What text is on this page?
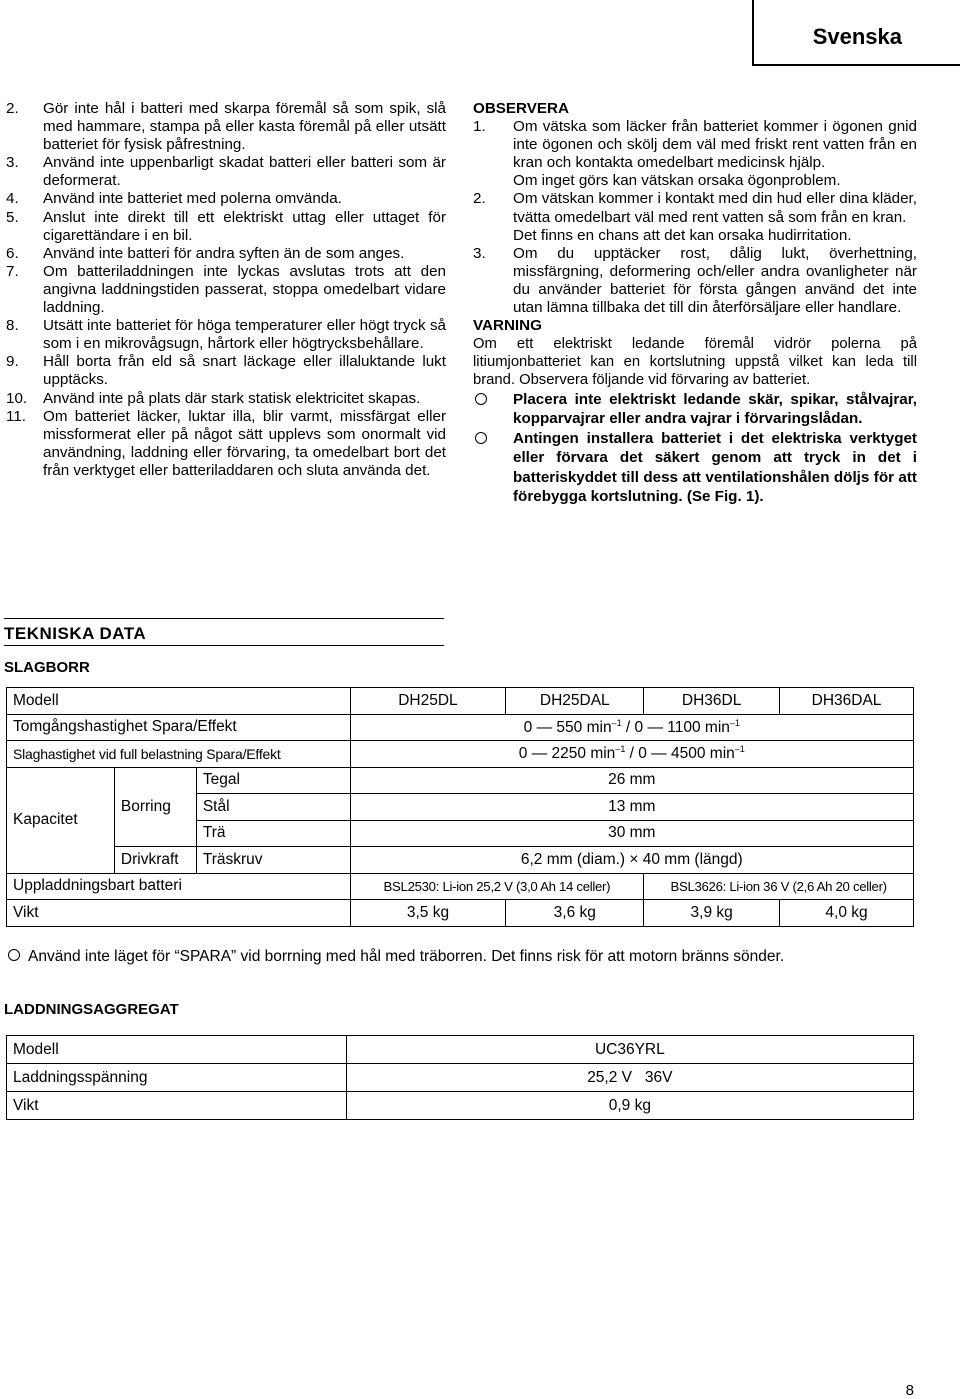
Svenska
2. Gör inte hål i batteri med skarpa föremål så som spik, slå med hammare, stampa på eller kasta föremål på eller utsätt batteriet för fysisk påfrestning.
3. Använd inte uppenbarligt skadat batteri eller batteri som är deformerat.
4. Använd inte batteriet med polerna omvända.
5. Anslut inte direkt till ett elektriskt uttag eller uttaget för cigarettändare i en bil.
6. Använd inte batteri för andra syften än de som anges.
7. Om batteriladdningen inte lyckas avslutas trots att den angivna laddningstiden passerat, stoppa omedelbart vidare laddning.
8. Utsätt inte batteriet för höga temperaturer eller högt tryck så som i en mikrovågsugn, hårtork eller högtrycksbehållare.
9. Håll borta från eld så snart läckage eller illaluktande lukt upptäcks.
10. Använd inte på plats där stark statisk elektricitet skapas.
11. Om batteriet läcker, luktar illa, blir varmt, missfärgat eller missformerat eller på något sätt upplevs som onormalt vid användning, laddning eller förvaring, ta omedelbart bort det från verktyget eller batteriladdaren och sluta använda det.
OBSERVERA
1. Om vätska som läcker från batteriet kommer i ögonen gnid inte ögonen och skölj dem väl med friskt rent vatten från en kran och kontakta omedelbart medicinsk hjälp.
Om inget görs kan vätskan orsaka ögonproblem.
2. Om vätskan kommer i kontakt med din hud eller dina kläder, tvätta omedelbart väl med rent vatten så som från en kran.
Det finns en chans att det kan orsaka hudirritation.
3. Om du upptäcker rost, dålig lukt, överhettning, missfärgning, deformering och/eller andra ovanligheter när du använder batteriet för första gången använd det inte utan lämna tillbaka det till din återförsäljare eller handlare.
VARNING
Om ett elektriskt ledande föremål vidrör polerna på litiumjonbatteriet kan en kortslutning uppstå vilket kan leda till brand. Observera följande vid förvaring av batteriet.
Placera inte elektriskt ledande skär, spikar, stålvajrar, kopparvajrar eller andra vajrar i förvaringslådan.
Antingen installera batteriet i det elektriska verktyget eller förvara det säkert genom att tryck in det i batteriskyddet till dess att ventilationshålen döljs för att förebygga kortslutning. (Se Fig. 1).
TEKNISKA DATA
SLAGBORR
Modell			DH25DL	DH25DAL	DH36DL	DH36DAL
Tomgångshastighet Spara/Effekt			0 — 550 $\min^{-1} / 0$ — 1100 $\min^{-1}$
Slaghastighet vid full belastning Spara/Effekt			0 — 2250 $\min^{-1} / 0$ — 4500 $\min^{-1}$
Kapacitet	Borring	Tegal	26 mm			
		Stål	13 mm			
		Trä	30 mm			
	Drivkraft	Träskruv	6,2 mm (diam.) × 40 mm (längd)			
Uppladdningsbart batteri			BSL2530: Li-ion 25,2 V (3,0 Ah 14 celler)		BSL3626: Li-ion 36 V (2,6 Ah 20 celler)	
Vikt			3,5 kg	3,6 kg	3,9 kg	4,0 kg
Använd inte läget för “SPARA” vid borrning med hål med träborren. Det finns risk för att motorn bränns sönder.
LADDNINGSAGGREGAT
Modell	UC36YRL
Laddningsspänning	25,2 V   36V
Vikt	0,9 kg
8
